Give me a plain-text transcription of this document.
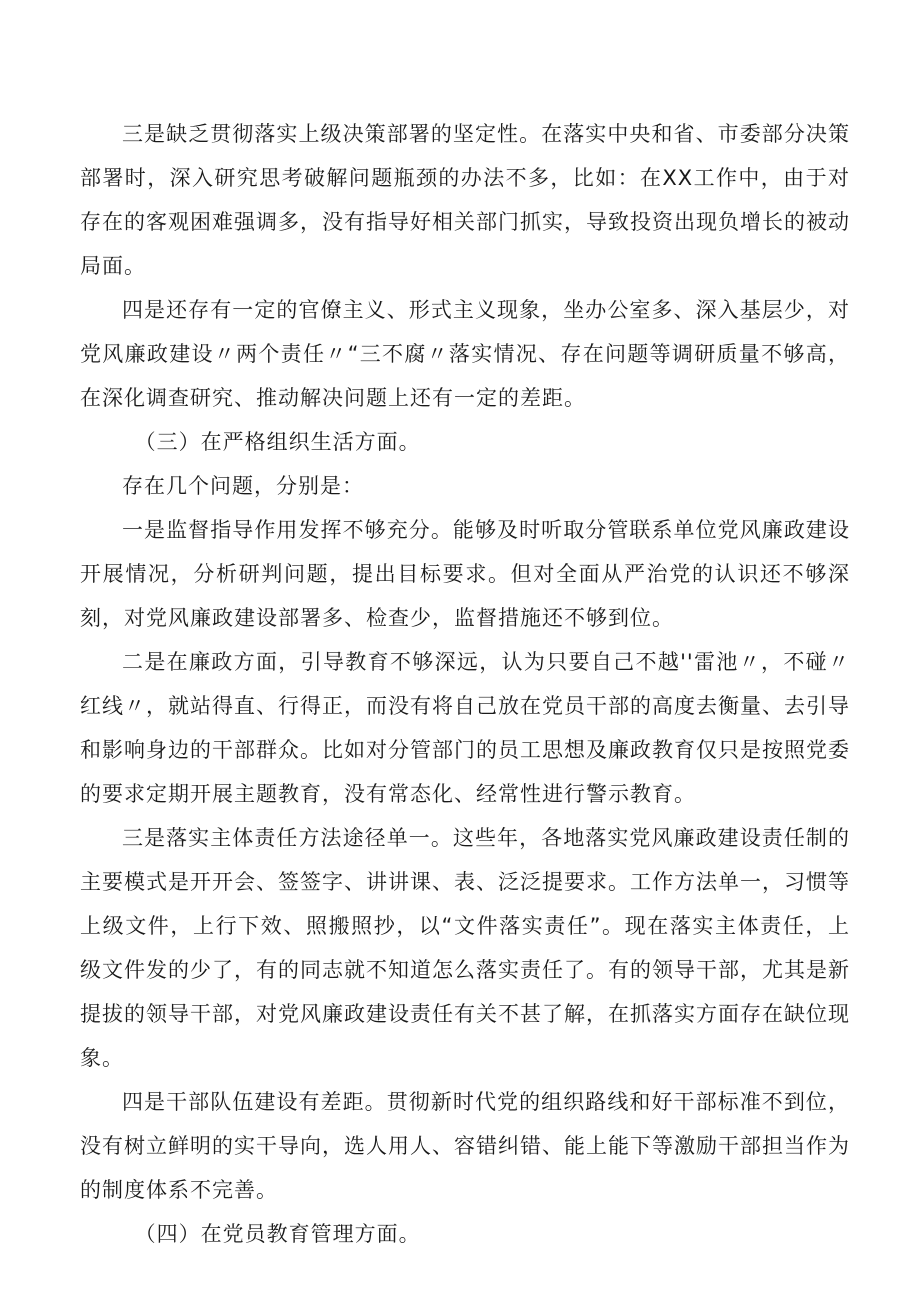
三是缺乏贯彻落实上级决策部署的坚定性。在落实中央和省、市委部分决策部署时，深入研究思考破解问题瓶颈的办法不多，比如：在XX工作中，由于对存在的客观困难强调多，没有指导好相关部门抓实，导致投资出现负增长的被动局面。

四是还存有一定的官僚主义、形式主义现象，坐办公室多、深入基层少，对党风廉政建设〃两个责任〃“三不腐〃落实情况、存在问题等调研质量不够高，在深化调查研究、推动解决问题上还有一定的差距。

（三）在严格组织生活方面。

存在几个问题，分别是：

一是监督指导作用发挥不够充分。能够及时听取分管联系单位党风廉政建设开展情况，分析研判问题，提出目标要求。但对全面从严治党的认识还不够深刻，对党风廉政建设部署多、检查少，监督措施还不够到位。

二是在廉政方面，引导教育不够深远，认为只要自己不越''雷池〃，不碰〃红线〃，就站得直、行得正，而没有将自己放在党员干部的高度去衡量、去引导和影响身边的干部群众。比如对分管部门的员工思想及廉政教育仅只是按照党委的要求定期开展主题教育，没有常态化、经常性进行警示教育。

三是落实主体责任方法途径单一。这些年，各地落实党风廉政建设责任制的主要模式是开开会、签签字、讲讲课、表、泛泛提要求。工作方法单一，习惯等上级文件，上行下效、照搬照抄，以“文件落实责任”。现在落实主体责任，上级文件发的少了，有的同志就不知道怎么落实责任了。有的领导干部，尤其是新提拔的领导干部，对党风廉政建设责任有关不甚了解，在抓落实方面存在缺位现象。

四是干部队伍建设有差距。贯彻新时代党的组织路线和好干部标准不到位，没有树立鲜明的实干导向，选人用人、容错纠错、能上能下等激励干部担当作为的制度体系不完善。

（四）在党员教育管理方面。
